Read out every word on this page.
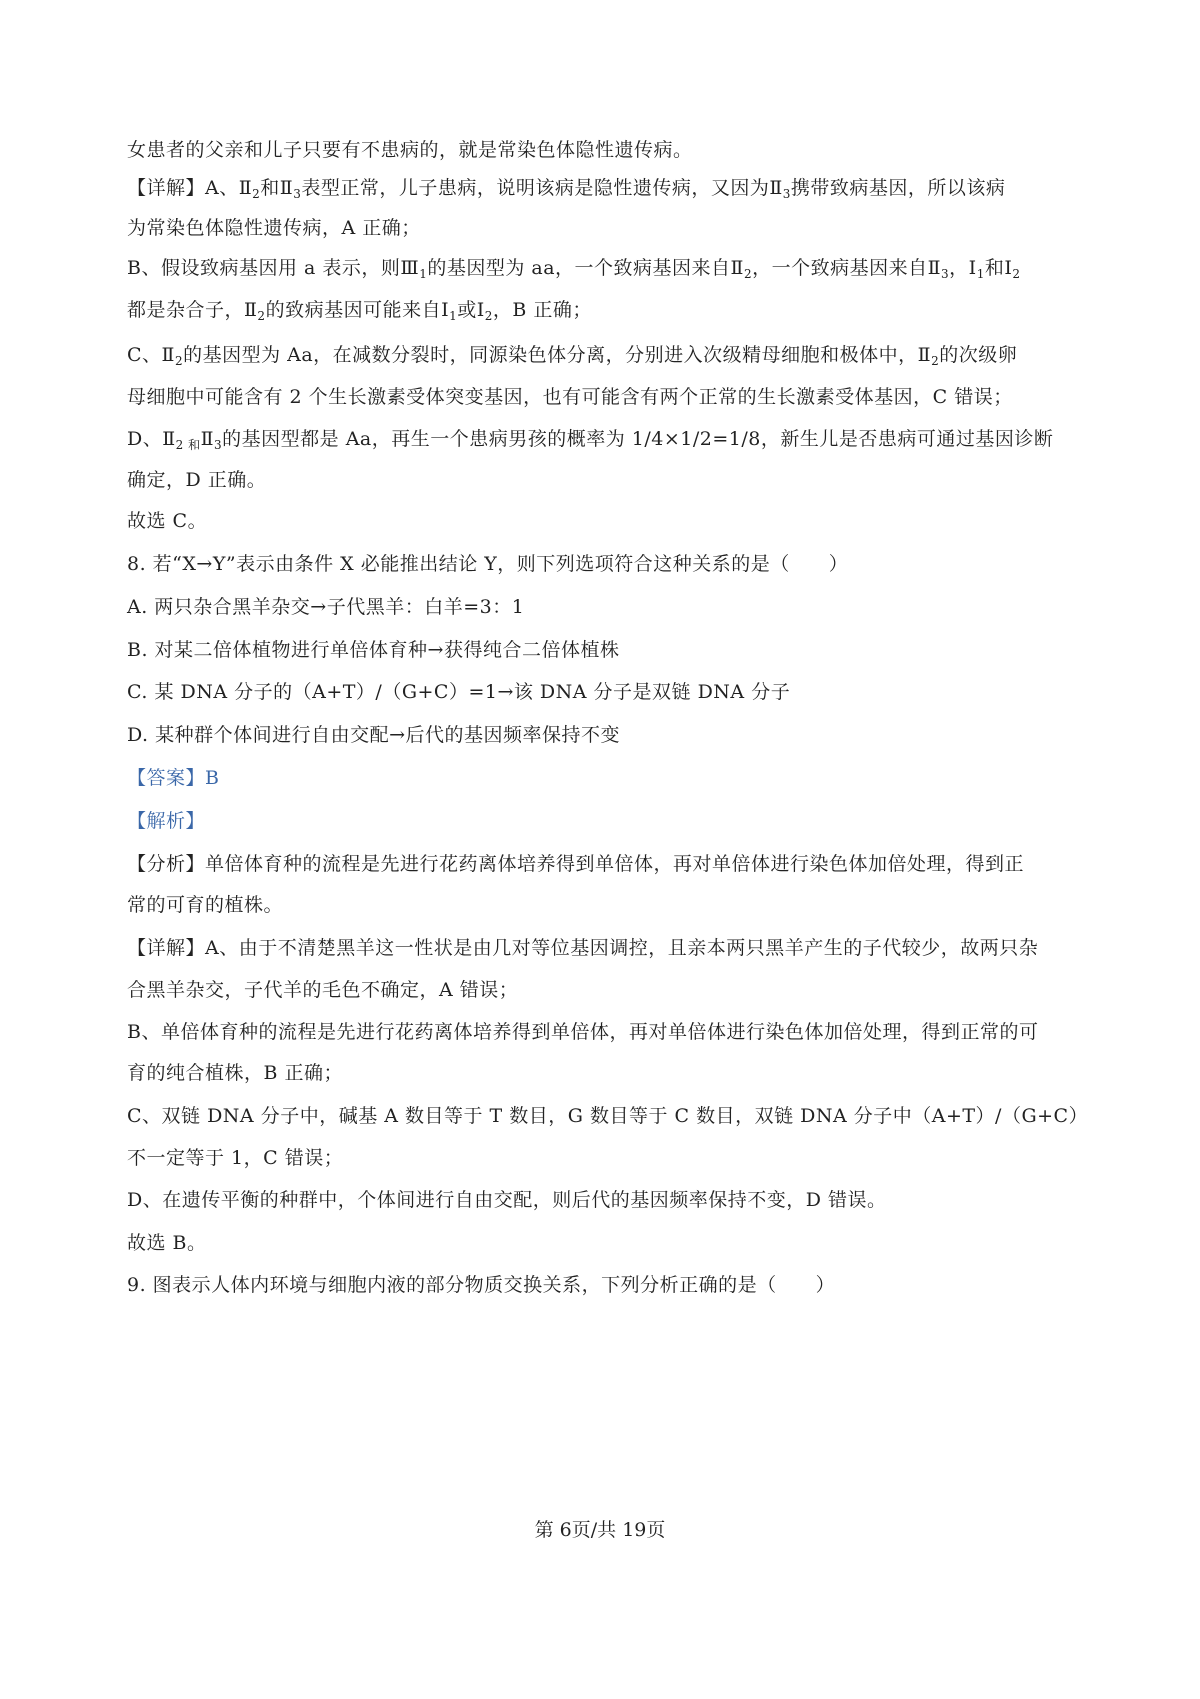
女患者的父亲和儿子只要有不患病的，就是常染色体隐性遗传病。
【详解】A、$Ⅱ_2$和$Ⅱ_3$表型正常，儿子患病，说明该病是隐性遗传病，又因为$Ⅱ_3$携带致病基因，所以该病
为常染色体隐性遗传病，A 正确；
B、假设致病基因用 a 表示，则$Ⅲ_1$的基因型为 aa，一个致病基因来自$Ⅱ_2$，一个致病基因来自$Ⅱ_3$，$Ⅰ_1$和$Ⅰ_2$
都是杂合子，$Ⅱ_2$的致病基因可能来自$Ⅰ_1$或$Ⅰ_2$，B 正确；
C、$Ⅱ_2$的基因型为 Aa，在减数分裂时，同源染色体分离，分别进入次级精母细胞和极体中，$Ⅱ_2$的次级卵
母细胞中可能含有 2 个生长激素受体突变基因，也有可能含有两个正常的生长激素受体基因，C 错误；
D、$Ⅱ_{2 和}Ⅱ_3$的基因型都是 Aa，再生一个患病男孩的概率为 1/4×1/2=1/8，新生儿是否患病可通过基因诊断
确定，D 正确。
故选 C。
8. 若“X→Y”表示由条件 X 必能推出结论 Y，则下列选项符合这种关系的是（　　）
A. 两只杂合黑羊杂交→子代黑羊：白羊=3：1
B. 对某二倍体植物进行单倍体育种→获得纯合二倍体植株
C. 某 DNA 分子的（A+T）/（G+C）=1→该 DNA 分子是双链 DNA 分子
D. 某种群个体间进行自由交配→后代的基因频率保持不变
【答案】B
【解析】
【分析】单倍体育种的流程是先进行花药离体培养得到单倍体，再对单倍体进行染色体加倍处理，得到正
常的可育的植株。
【详解】A、由于不清楚黑羊这一性状是由几对等位基因调控，且亲本两只黑羊产生的子代较少，故两只杂
合黑羊杂交，子代羊的毛色不确定，A 错误；
B、单倍体育种的流程是先进行花药离体培养得到单倍体，再对单倍体进行染色体加倍处理，得到正常的可
育的纯合植株，B 正确；
C、双链 DNA 分子中，碱基 A 数目等于 T 数目，G 数目等于 C 数目，双链 DNA 分子中（A+T）/（G+C）
不一定等于 1，C 错误；
D、在遗传平衡的种群中，个体间进行自由交配，则后代的基因频率保持不变，D 错误。
故选 B。
9. 图表示人体内环境与细胞内液的部分物质交换关系，下列分析正确的是（　　）
第 6页/共 19页
